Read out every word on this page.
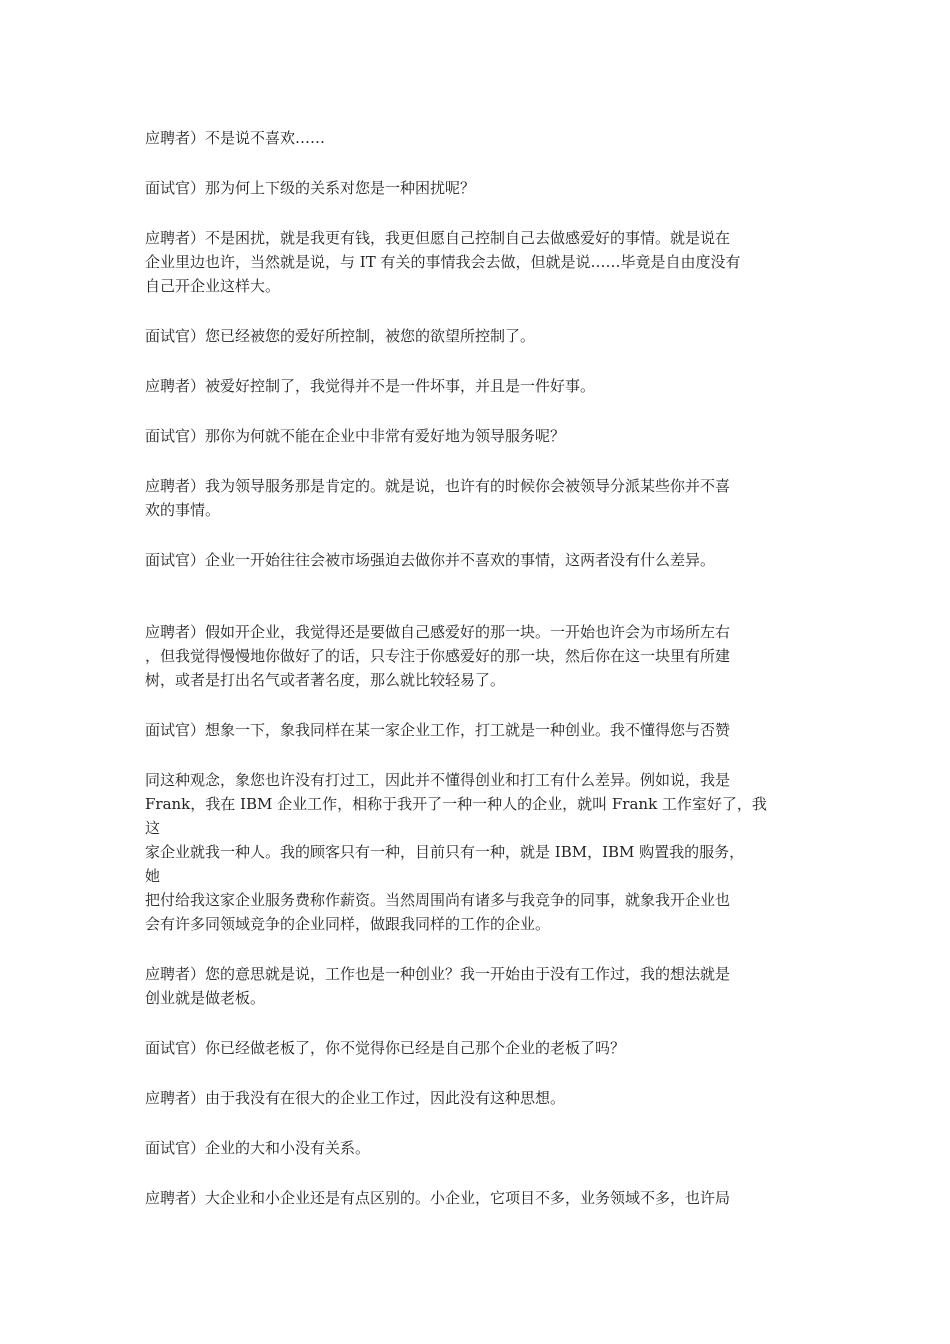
应聘者）不是说不喜欢……

面试官）那为何上下级的关系对您是一种困扰呢？

应聘者）不是困扰，就是我更有钱，我更但愿自己控制自己去做感爱好的事情。就是说在
企业里边也许，当然就是说，与 IT 有关的事情我会去做，但就是说……毕竟是自由度没有
自己开企业这样大。

面试官）您已经被您的爱好所控制，被您的欲望所控制了。

应聘者）被爱好控制了，我觉得并不是一件坏事，并且是一件好事。

面试官）那你为何就不能在企业中非常有爱好地为领导服务呢？

应聘者）我为领导服务那是肯定的。就是说，也许有的时候你会被领导分派某些你并不喜
欢的事情。

面试官）企业一开始往往会被市场强迫去做你并不喜欢的事情，这两者没有什么差异。

应聘者）假如开企业，我觉得还是要做自己感爱好的那一块。一开始也许会为市场所左右
，但我觉得慢慢地你做好了的话，只专注于你感爱好的那一块，然后你在这一块里有所建
树，或者是打出名气或者著名度，那么就比较轻易了。

面试官）想象一下，象我同样在某一家企业工作，打工就是一种创业。我不懂得您与否赞

同这种观念，象您也许没有打过工，因此并不懂得创业和打工有什么差异。例如说，我是
Frank，我在 IBM 企业工作，相称于我开了一种一种人的企业，就叫 Frank 工作室好了，我
这
家企业就我一种人。我的顾客只有一种，目前只有一种，就是 IBM，IBM 购置我的服务，
她
把付给我这家企业服务费称作薪资。当然周围尚有诸多与我竞争的同事，就象我开企业也
会有许多同领域竞争的企业同样，做跟我同样的工作的企业。

应聘者）您的意思就是说，工作也是一种创业？我一开始由于没有工作过，我的想法就是
创业就是做老板。

面试官）你已经做老板了，你不觉得你已经是自己那个企业的老板了吗？

应聘者）由于我没有在很大的企业工作过，因此没有这种思想。

面试官）企业的大和小没有关系。

应聘者）大企业和小企业还是有点区别的。小企业，它项目不多，业务领域不多，也许局
